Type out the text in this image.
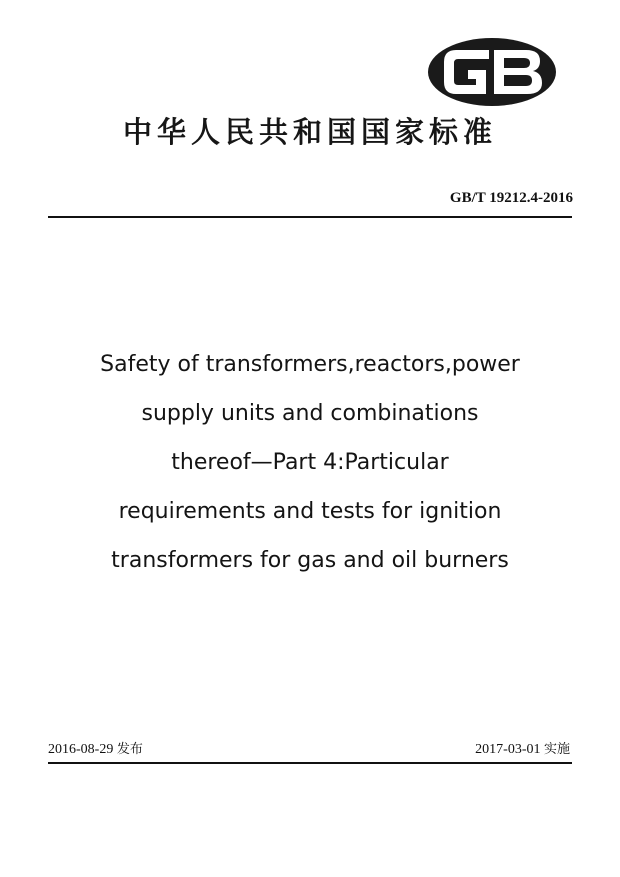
中华人民共和国国家标准
GB/T 19212.4-2016
Safety of transformers,reactors,power
supply units and combinations
thereof—Part 4:Particular
requirements and tests for ignition
transformers for gas and oil burners
2016-08-29 发布	2017-03-01 实施
